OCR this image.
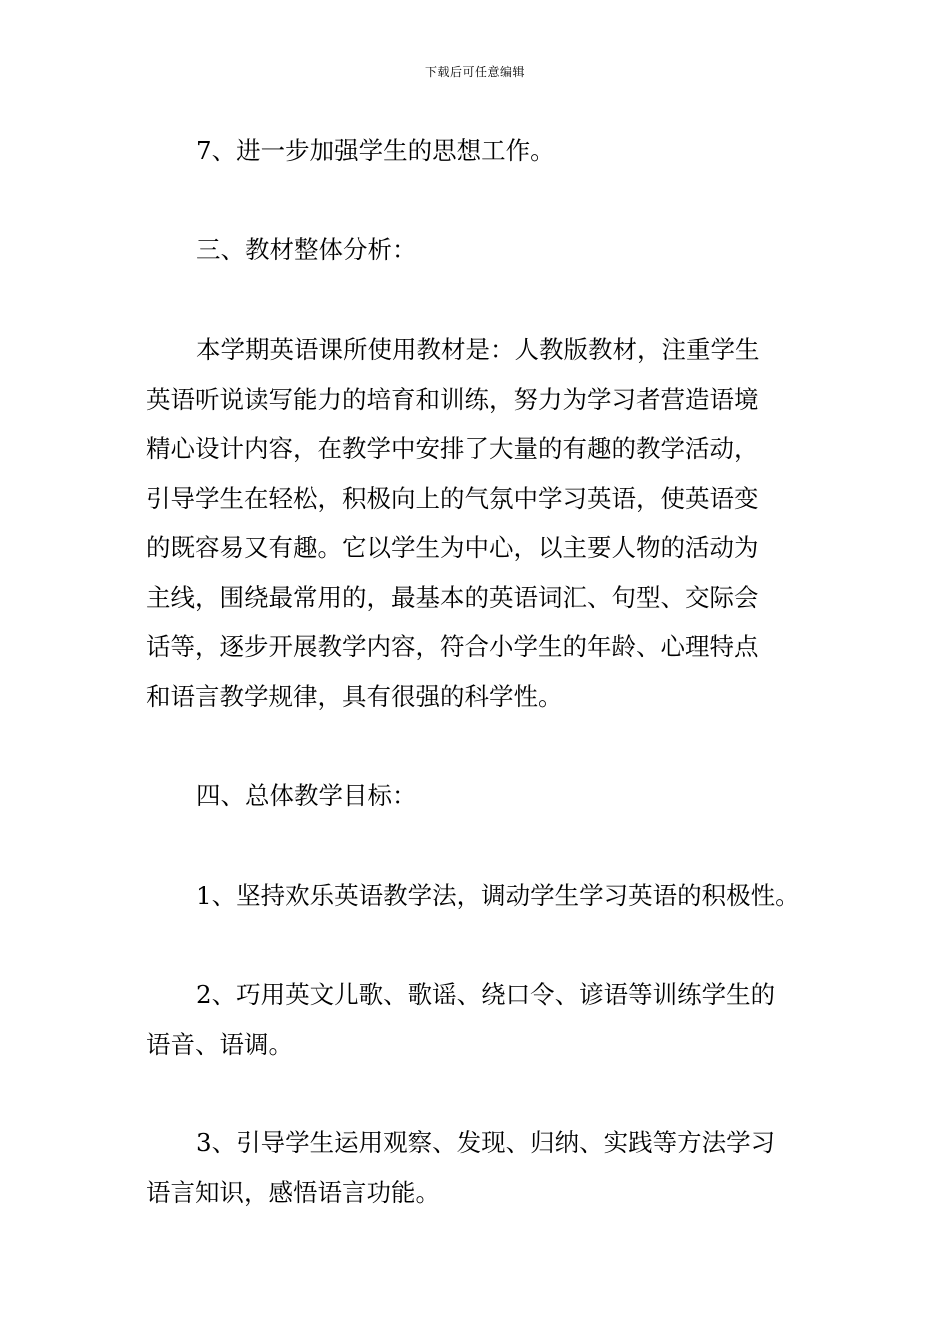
下载后可任意编辑
7、进一步加强学生的思想工作。
三、教材整体分析：
本学期英语课所使用教材是：人教版教材，注重学生
英语听说读写能力的培育和训练，努力为学习者营造语境
精心设计内容，在教学中安排了大量的有趣的教学活动，
引导学生在轻松，积极向上的气氛中学习英语，使英语变
的既容易又有趣。它以学生为中心，以主要人物的活动为
主线，围绕最常用的，最基本的英语词汇、句型、交际会
话等，逐步开展教学内容，符合小学生的年龄、心理特点
和语言教学规律，具有很强的科学性。
四、总体教学目标：
1、坚持欢乐英语教学法，调动学生学习英语的积极性。
2、巧用英文儿歌、歌谣、绕口令、谚语等训练学生的
语音、语调。
3、引导学生运用观察、发现、归纳、实践等方法学习
语言知识，感悟语言功能。
